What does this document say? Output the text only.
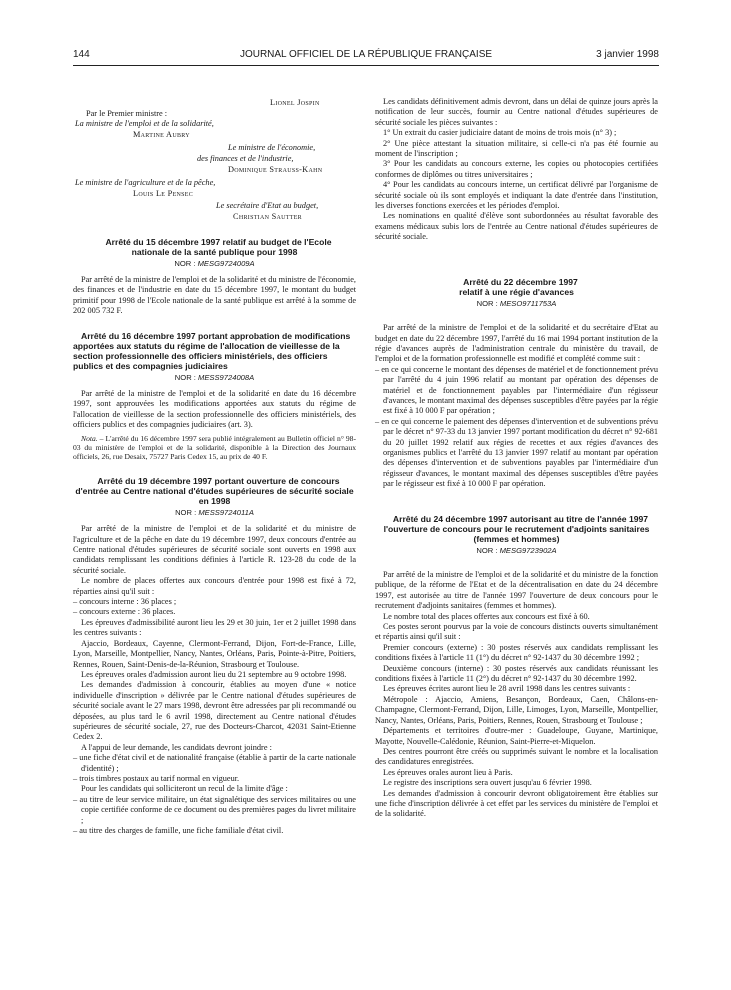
144	JOURNAL OFFICIEL DE LA RÉPUBLIQUE FRANÇAISE	3 janvier 1998
Lionel Jospin
Par le Premier ministre :
La ministre de l'emploi et de la solidarité,
Martine Aubry
Le ministre de l'économie,
des finances et de l'industrie,
Dominique Strauss-Kahn
Le ministre de l'agriculture et de la pêche,
Louis Le Pensec
Le secrétaire d'Etat au budget,
Christian Sautter

Arrêté du 15 décembre 1997 relatif au budget de l'Ecole nationale de la santé publique pour 1998

NOR : MESG9724009A

Par arrêté de la ministre de l'emploi et de la solidarité et du ministre de l'économie, des finances et de l'industrie en date du 15 décembre 1997, le montant du budget primitif pour 1998 de l'Ecole nationale de la santé publique est arrêté à la somme de 202 005 732 F.

Arrêté du 16 décembre 1997 portant approbation de modifications apportées aux statuts du régime de l'allocation de vieillesse de la section professionnelle des officiers ministériels, des officiers publics et des compagnies judiciaires

NOR : MESS9724008A

Par arrêté de la ministre de l'emploi et de la solidarité en date du 16 décembre 1997, sont approuvées les modifications apportées aux statuts du régime de l'allocation de vieillesse de la section professionnelle des officiers ministériels, des officiers publics et des compagnies judiciaires (art. 3).

Nota. – L'arrêté du 16 décembre 1997 sera publié intégralement au Bulletin officiel n° 98-03 du ministère de l'emploi et de la solidarité, disponible à la Direction des Journaux officiels, 26, rue Desaix, 75727 Paris Cedex 15, au prix de 40 F.

Arrêté du 19 décembre 1997 portant ouverture de concours d'entrée au Centre national d'études supérieures de sécurité sociale en 1998

NOR : MESS9724011A

Par arrêté de la ministre de l'emploi et de la solidarité et du ministre de l'agriculture et de la pêche en date du 19 décembre 1997, deux concours d'entrée au Centre national d'études supérieures de sécurité sociale sont ouverts en 1998 aux candidats remplissant les conditions définies à l'article R. 123-28 du code de la sécurité sociale.

Le nombre de places offertes aux concours d'entrée pour 1998 est fixé à 72, réparties ainsi qu'il suit :

– concours interne : 36 places ;

– concours externe : 36 places.

Les épreuves d'admissibilité auront lieu les 29 et 30 juin, 1er et 2 juillet 1998 dans les centres suivants :

Ajaccio, Bordeaux, Cayenne, Clermont-Ferrand, Dijon, Fort-de-France, Lille, Lyon, Marseille, Montpellier, Nancy, Nantes, Orléans, Paris, Pointe-à-Pitre, Poitiers, Rennes, Rouen, Saint-Denis-de-la-Réunion, Strasbourg et Toulouse.

Les épreuves orales d'admission auront lieu du 21 septembre au 9 octobre 1998.

Les demandes d'admission à concourir, établies au moyen d'une « notice individuelle d'inscription » délivrée par le Centre national d'études supérieures de sécurité sociale avant le 27 mars 1998, devront être adressées par pli recommandé ou déposées, au plus tard le 6 avril 1998, directement au Centre national d'études supérieures de sécurité sociale, 27, rue des Docteurs-Charcot, 42031 Saint-Etienne Cedex 2.

A l'appui de leur demande, les candidats devront joindre :

– une fiche d'état civil et de nationalité française (établie à partir de la carte nationale d'identité) ;

– trois timbres postaux au tarif normal en vigueur.

Pour les candidats qui solliciteront un recul de la limite d'âge :

– au titre de leur service militaire, un état signalétique des services militaires ou une copie certifiée conforme de ce document ou des premières pages du livret militaire ;

– au titre des charges de famille, une fiche familiale d'état civil.

Les candidats définitivement admis devront, dans un délai de quinze jours après la notification de leur succès, fournir au Centre national d'études supérieures de sécurité sociale les pièces suivantes :

1° Un extrait du casier judiciaire datant de moins de trois mois (n° 3) ;

2° Une pièce attestant la situation militaire, si celle-ci n'a pas été fournie au moment de l'inscription ;

3° Pour les candidats au concours externe, les copies ou photocopies certifiées conformes de diplômes ou titres universitaires ;

4° Pour les candidats au concours interne, un certificat délivré par l'organisme de sécurité sociale où ils sont employés et indiquant la date d'entrée dans l'institution, les diverses fonctions exercées et les périodes d'emploi.

Les nominations en qualité d'élève sont subordonnées au résultat favorable des examens médicaux subis lors de l'entrée au Centre national d'études supérieures de sécurité sociale.

Arrêté du 22 décembre 1997 relatif à une régie d'avances

NOR : MESO9711753A

Par arrêté de la ministre de l'emploi et de la solidarité et du secrétaire d'Etat au budget en date du 22 décembre 1997, l'arrêté du 16 mai 1994 portant institution de la régie d'avances auprès de l'administration centrale du ministère du travail, de l'emploi et de la formation professionnelle est modifié et complété comme suit :

– en ce qui concerne le montant des dépenses de matériel et de fonctionnement prévu par l'arrêté du 4 juin 1996 relatif au montant par opération des dépenses de matériel et de fonctionnement payables par l'intermédiaire d'un régisseur d'avances, le montant maximal des dépenses susceptibles d'être payées par la régie est fixé à 10 000 F par opération ;

– en ce qui concerne le paiement des dépenses d'intervention et de subventions prévu par le décret n° 97-33 du 13 janvier 1997 portant modification du décret n° 92-681 du 20 juillet 1992 relatif aux régies de recettes et aux régies d'avances des organismes publics et l'arrêté du 13 janvier 1997 relatif au montant par opération des dépenses d'intervention et de subventions payables par l'intermédiaire d'un régisseur d'avances, le montant maximal des dépenses susceptibles d'être payées par le régisseur est fixé à 10 000 F par opération.

Arrêté du 24 décembre 1997 autorisant au titre de l'année 1997 l'ouverture de concours pour le recrutement d'adjoints sanitaires (femmes et hommes)

NOR : MESG9723902A

Par arrêté de la ministre de l'emploi et de la solidarité et du ministre de la fonction publique, de la réforme de l'Etat et de la décentralisation en date du 24 décembre 1997, est autorisée au titre de l'année 1997 l'ouverture de deux concours pour le recrutement d'adjoints sanitaires (femmes et hommes).

Le nombre total des places offertes aux concours est fixé à 60.

Ces postes seront pourvus par la voie de concours distincts ouverts simultanément et répartis ainsi qu'il suit :

Premier concours (externe) : 30 postes réservés aux candidats remplissant les conditions fixées à l'article 11 (1°) du décret n° 92-1437 du 30 décembre 1992 ;

Deuxième concours (interne) : 30 postes réservés aux candidats réunissant les conditions fixées à l'article 11 (2°) du décret n° 92-1437 du 30 décembre 1992.

Les épreuves écrites auront lieu le 28 avril 1998 dans les centres suivants :

Métropole : Ajaccio, Amiens, Besançon, Bordeaux, Caen, Châlons-en-Champagne, Clermont-Ferrand, Dijon, Lille, Limoges, Lyon, Marseille, Montpellier, Nancy, Nantes, Orléans, Paris, Poitiers, Rennes, Rouen, Strasbourg et Toulouse ;

Départements et territoires d'outre-mer : Guadeloupe, Guyane, Martinique, Mayotte, Nouvelle-Calédonie, Réunion, Saint-Pierre-et-Miquelon.

Des centres pourront être créés ou supprimés suivant le nombre et la localisation des candidatures enregistrées.

Les épreuves orales auront lieu à Paris.

Le registre des inscriptions sera ouvert jusqu'au 6 février 1998.

Les demandes d'admission à concourir devront obligatoirement être établies sur une fiche d'inscription délivrée à cet effet par les services du ministère de l'emploi et de la solidarité.
